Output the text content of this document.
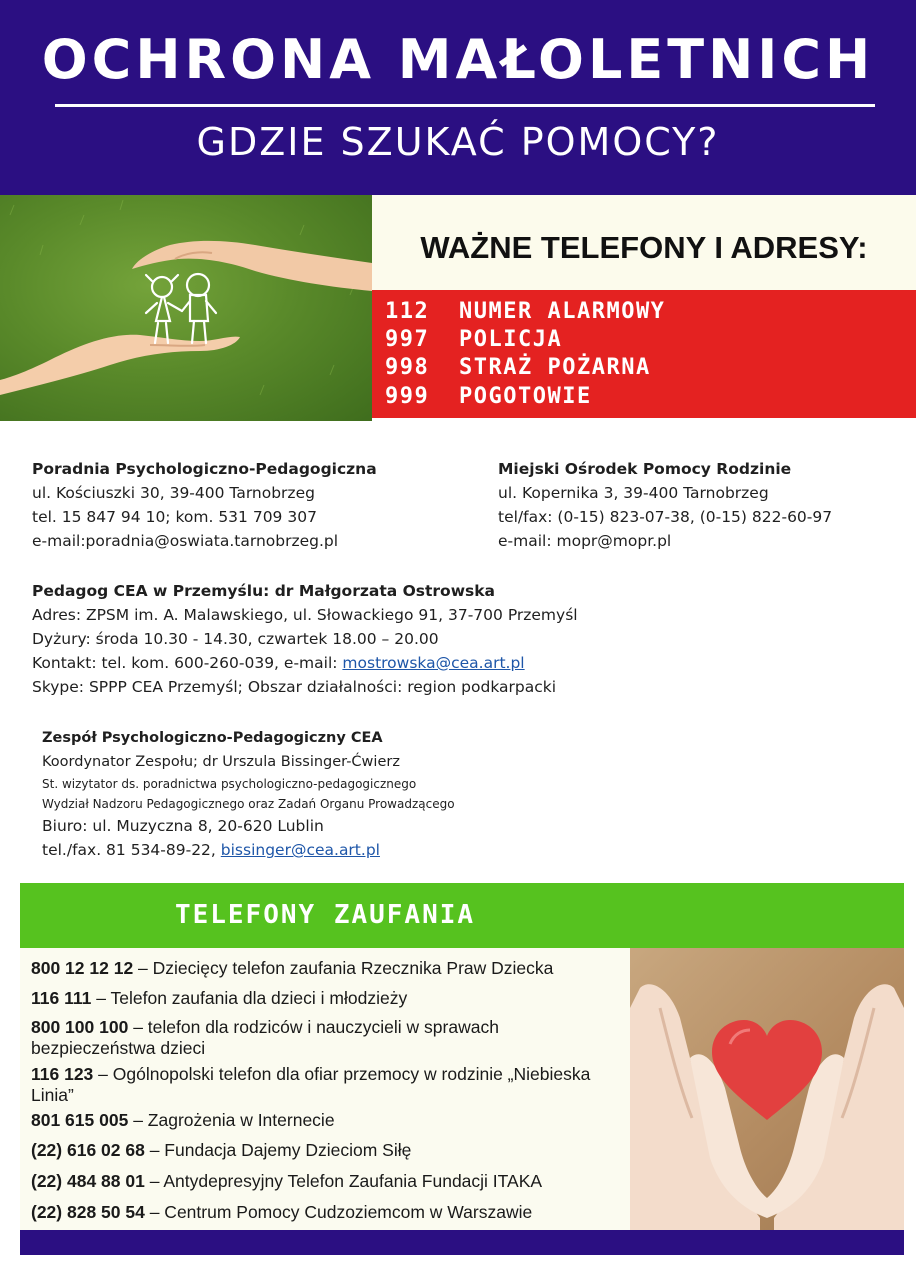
OCHRONA MAŁOLETNICH
GDZIE SZUKAĆ POMOCY?
WAŻNE TELEFONY I ADRESY:
112 NUMER ALARMOWY
997 POLICJA
998 STRAŻ POŻARNA
999 POGOTOWIE
Poradnia Psychologiczno-Pedagogiczna
ul. Kościuszki 30, 39-400 Tarnobrzeg
tel. 15 847 94 10; kom. 531 709 307
e-mail:poradnia@oswiata.tarnobrzeg.pl
Miejski Ośrodek Pomocy Rodzinie
ul. Kopernika 3, 39-400 Tarnobrzeg
tel/fax: (0-15) 823-07-38, (0-15) 822-60-97
e-mail: mopr@mopr.pl
Pedagog CEA w Przemyślu: dr Małgorzata Ostrowska
Adres: ZPSM im. A. Malawskiego, ul. Słowackiego 91, 37-700 Przemyśl
Dyżury: środa 10.30 - 14.30, czwartek 18.00 – 20.00
Kontakt: tel. kom. 600-260-039, e-mail: mostrowska@cea.art.pl
Skype: SPPP CEA Przemyśl; Obszar działalności: region podkarpacki
Zespół Psychologiczno-Pedagogiczny CEA
Koordynator Zespołu; dr Urszula Bissinger-Ćwierz
St. wizytator ds. poradnictwa psychologiczno-pedagogicznego
Wydział Nadzoru Pedagogicznego oraz Zadań Organu Prowadzącego
Biuro: ul. Muzyczna 8, 20-620 Lublin
tel./fax. 81 534-89-22, bissinger@cea.art.pl
TELEFONY ZAUFANIA
800 12 12 12 – Dziecięcy telefon zaufania Rzecznika Praw Dziecka
116 111 – Telefon zaufania dla dzieci i młodzieży
800 100 100 – telefon dla rodziców i nauczycieli w sprawach bezpieczeństwa dzieci
116 123 – Ogólnopolski telefon dla ofiar przemocy w rodzinie „Niebieska Linia”
801 615 005 – Zagrożenia w Internecie
(22) 616 02 68 – Fundacja Dajemy Dzieciom Siłę
(22) 484 88 01 – Antydepresyjny Telefon Zaufania Fundacji ITAKA
(22) 828 50 54 – Centrum Pomocy Cudzoziemcom w Warszawie
